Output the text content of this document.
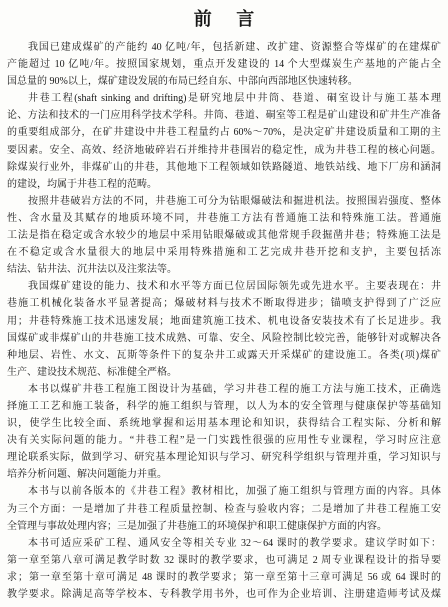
前 言
我国已建成煤矿的产能约 40 亿吨/年，包括新建、改扩建、资源整合等煤矿的在建煤矿
产能超过 10 亿吨/年。按照国家规划，重点开发建设的 14 个大型煤炭生产基地的产能占全
国总量的 90%以上，煤矿建设发展的布局已经自东、中部向西部地区快速转移。
井巷工程(shaft sinking and drifting)是研究地层中井筒、巷道、硐室设计与施工基本理
论、方法和技术的一门应用科学技术学科。井筒、巷道、硐室等工程是矿山建设和矿井生产准备
的重要组成部分，在矿井建设中井巷工程量约占 60%～70%，是决定矿井建设质量和工期的主
要因素。安全、高效、经济地破碎岩石并维持井巷围岩的稳定性，成为井巷工程的核心问题。
除煤炭行业外，非煤矿山的井巷，其他地下工程领域如铁路隧道、地铁站线、地下厂房和涵洞
的建设，均属于井巷工程的范畴。
按照井巷破岩方法的不同，井巷施工可分为钻眼爆破法和掘进机法。按照围岩强度、整体
性、含水量及其赋存的地质环境不同，井巷施工方法有普通施工法和特殊施工法。普通施
工法是指在稳定或含水较少的地层中采用钻眼爆破或其他常规手段掘凿井巷；特殊施工法是
在不稳定或含水量很大的地层中采用特殊措施和工艺完成井巷开挖和支护，主要包括冻
结法、钻井法、沉井法以及注浆法等。
我国煤矿建设的能力、技术和水平等方面已位居国际领先或先进水平。主要表现在：井
巷施工机械化装备水平显著提高；爆破材料与技术不断取得进步；锚喷支护得到了广泛应
用；井巷特殊施工技术迅速发展；地面建筑施工技术、机电设备安装技术有了长足进步。我
国煤矿或非煤矿山的井巷施工技术成熟、可靠、安全、风险控制比较完善，能够针对或解决各
种地层、岩性、水文、瓦斯等条件下的复杂井工或露天开采煤矿的建设施工。各类(项)煤矿
生产、建设技术规范、标准健全严格。
本书以煤矿井巷工程施工图设计为基础，学习井巷工程的施工方法与施工技术，正确选
择施工工艺和施工装备，科学的施工组织与管理，以人为本的安全管理与健康保护等基础知
识，使学生比较全面、系统地掌握和运用基本理论和知识，获得结合工程实际、分析和解
决有关实际问题的能力。“井巷工程”是一门实践性很强的应用性专业课程，学习时应注意
理论联系实际，做到学习、研究基本理论知识与学习、研究科学组织与管理并重，学习知识与
培养分析问题、解决问题能力并重。
本书与以前各版本的《井巷工程》教材相比，加强了施工组织与管理方面的内容。具体
为三个方面：一是增加了井巷工程质量控制、检查与验收内容；二是增加了井巷工程施工安
全管理与事故处理内容；三是加强了井巷施工的环境保护和职工健康保护方面的内容。
本书可适应采矿工程、通风安全等相关专业 32～64 课时的教学要求。建议学时如下：
第一章至第八章可满足教学时数 32 课时的教学要求，也可满足 2 周专业课程设计的指导要
求；第一章至第十章可满足 48 课时的教学要求；第一章至第十三章可满足 56 或 64 课时的
教学要求。除满足高等学校本、专科教学用书外，也可作为企业培训、注册建造师考试及煤
